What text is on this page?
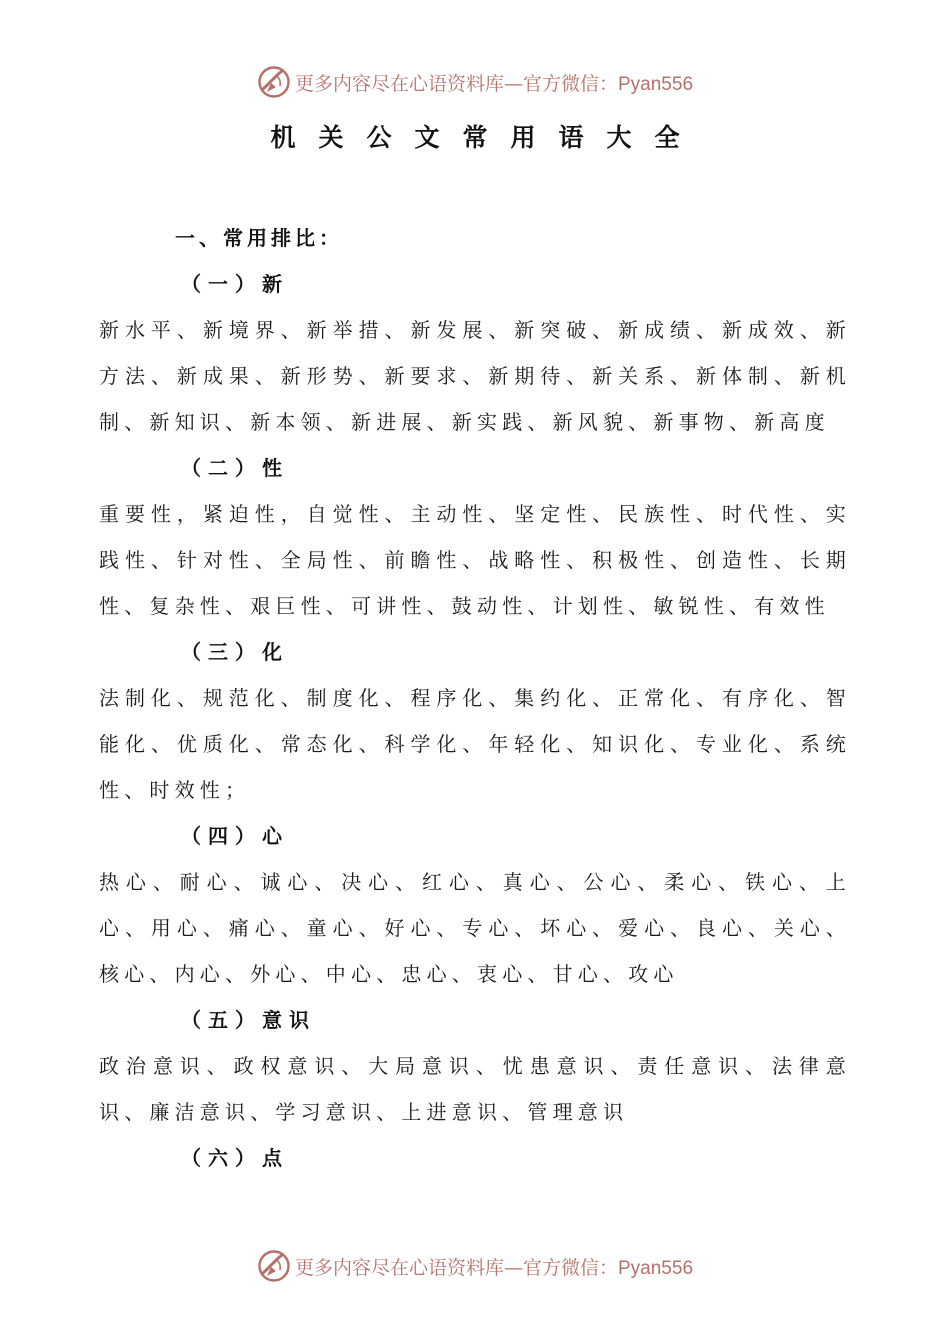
更多内容尽在心语资料库—官方微信：Pyan556
机关公文常用语大全
一、常用排比：
（一）新

新水平、新境界、新举措、新发展、新突破、新成绩、新成效、新方法、新成果、新形势、新要求、新期待、新关系、新体制、新机制、新知识、新本领、新进展、新实践、新风貌、新事物、新高度

（二）性

重要性，紧迫性，自觉性、主动性、坚定性、民族性、时代性、实践性、针对性、全局性、前瞻性、战略性、积极性、创造性、长期性、复杂性、艰巨性、可讲性、鼓动性、计划性、敏锐性、有效性

（三）化

法制化、规范化、制度化、程序化、集约化、正常化、有序化、智能化、优质化、常态化、科学化、年轻化、知识化、专业化、系统性、时效性；

（四）心

热心、耐心、诚心、决心、红心、真心、公心、柔心、铁心、上心、用心、痛心、童心、好心、专心、坏心、爱心、良心、关心、核心、内心、外心、中心、忠心、衷心、甘心、攻心

（五）意识

政治意识、政权意识、大局意识、忧患意识、责任意识、法律意识、廉洁意识、学习意识、上进意识、管理意识

（六）点
更多内容尽在心语资料库—官方微信：Pyan556
